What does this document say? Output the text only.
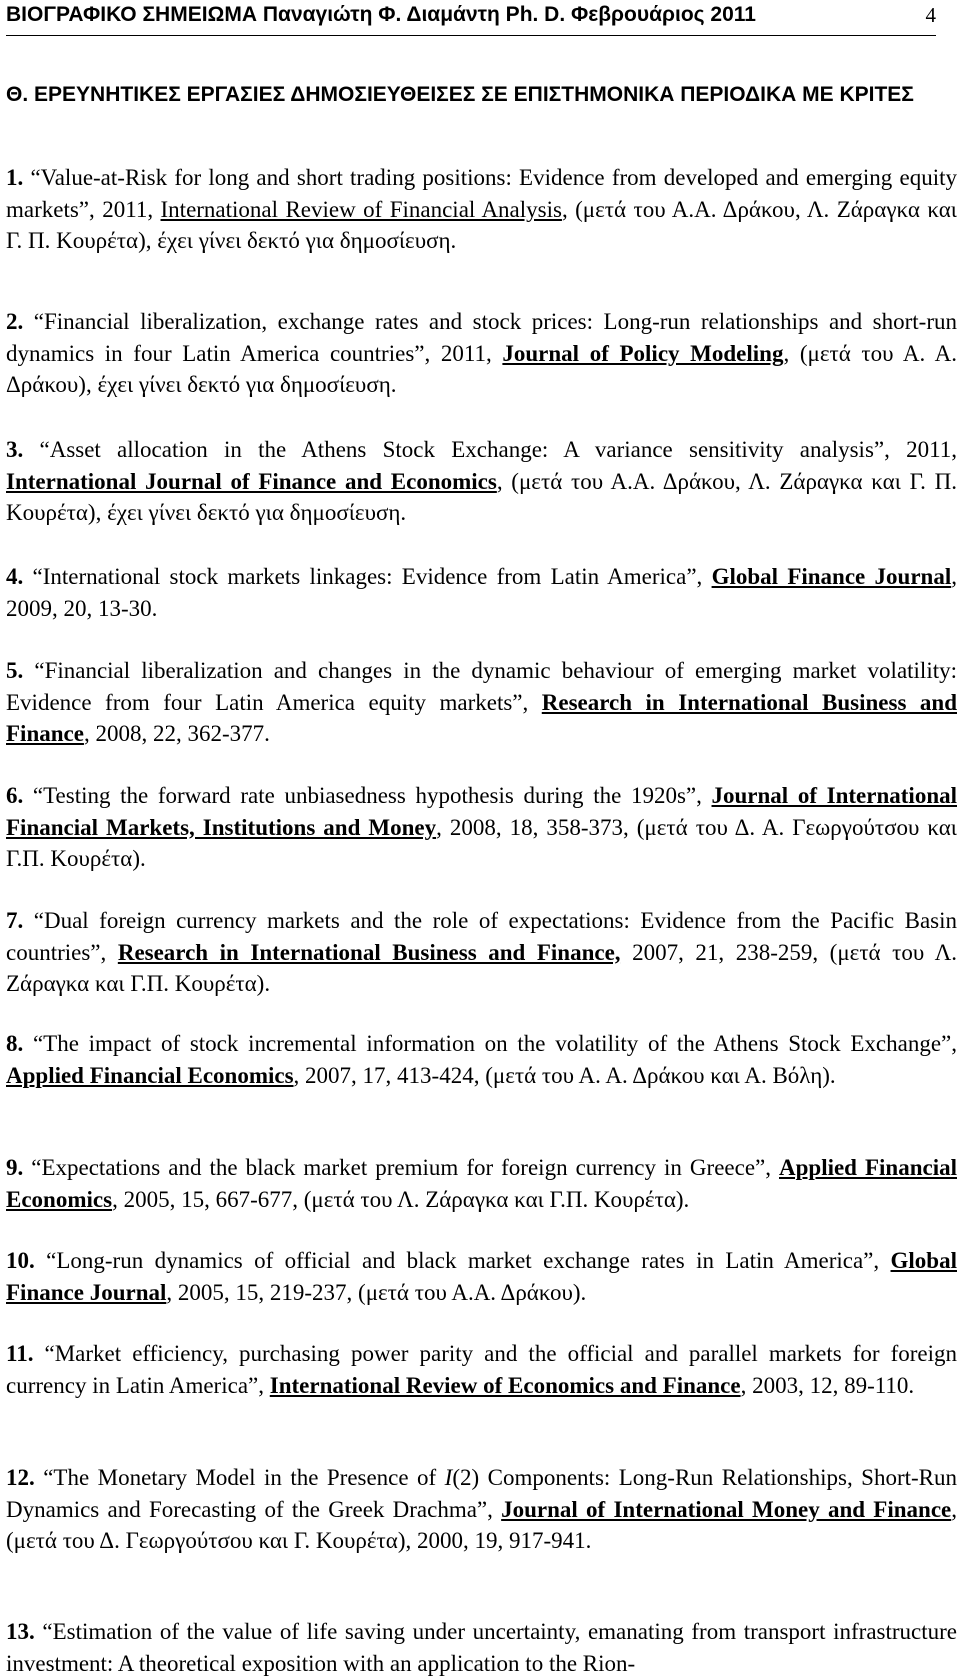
ΒΙΟΓΡΑΦΙΚΟ ΣΗΜΕΙΩΜΑ Παναγιώτη Φ. Διαμάντη Ph. D. Φεβρουάριος 2011	4
Θ. ΕΡΕΥΝΗΤΙΚΕΣ ΕΡΓΑΣΙΕΣ ΔΗΜΟΣΙΕΥΘΕΙΣΕΣ ΣΕ ΕΠΙΣΤΗΜΟΝΙΚΑ ΠΕΡΙΟΔΙΚΑ ΜΕ ΚΡΙΤΕΣ
1. “Value-at-Risk for long and short trading positions: Evidence from developed and emerging equity markets”, 2011, International Review of Financial Analysis, (μετά του Α.Α. Δράκου, Λ. Ζάραγκα και Γ. Π. Κουρέτα), έχει γίνει δεκτό για δημοσίευση.
2. “Financial liberalization, exchange rates and stock prices: Long-run relationships and short-run dynamics in four Latin America countries”, 2011, Journal of Policy Modeling, (μετά του Α. Α. Δράκου), έχει γίνει δεκτό για δημοσίευση.
3. “Asset allocation in the Athens Stock Exchange: A variance sensitivity analysis”, 2011, International Journal of Finance and Economics, (μετά του Α.Α. Δράκου, Λ. Ζάραγκα και Γ. Π. Κουρέτα), έχει γίνει δεκτό για δημοσίευση.
4. “International stock markets linkages: Evidence from Latin America”, Global Finance Journal, 2009, 20, 13-30.
5. “Financial liberalization and changes in the dynamic behaviour of emerging market volatility: Evidence from four Latin America equity markets”, Research in International Business and Finance, 2008, 22, 362-377.
6. “Testing the forward rate unbiasedness hypothesis during the 1920s”, Journal of International Financial Markets, Institutions and Money, 2008, 18, 358-373, (μετά του Δ. Α. Γεωργούτσου και Γ.Π. Κουρέτα).
7. “Dual foreign currency markets and the role of expectations: Evidence from the Pacific Basin countries”, Research in International Business and Finance, 2007, 21, 238-259, (μετά του Λ. Ζάραγκα και Γ.Π. Κουρέτα).
8. “The impact of stock incremental information on the volatility of the Athens Stock Exchange”, Applied Financial Economics, 2007, 17, 413-424, (μετά του Α. Α. Δράκου και Α. Βόλη).
9. “Expectations and the black market premium for foreign currency in Greece”, Applied Financial Economics, 2005, 15, 667-677, (μετά του Λ. Ζάραγκα και Γ.Π. Κουρέτα).
10. “Long-run dynamics of official and black market exchange rates in Latin America”, Global Finance Journal, 2005, 15, 219-237, (μετά του Α.Α. Δράκου).
11. “Market efficiency, purchasing power parity and the official and parallel markets for foreign currency in Latin America”, International Review of Economics and Finance, 2003, 12, 89-110.
12. “The Monetary Model in the Presence of I(2) Components: Long-Run Relationships, Short-Run Dynamics and Forecasting of the Greek Drachma”, Journal of International Money and Finance, (μετά του Δ. Γεωργούτσου και Γ. Κουρέτα), 2000, 19, 917-941.
13. “Estimation of the value of life saving under uncertainty, emanating from transport infrastructure investment: A theoretical exposition with an application to the Rion-
